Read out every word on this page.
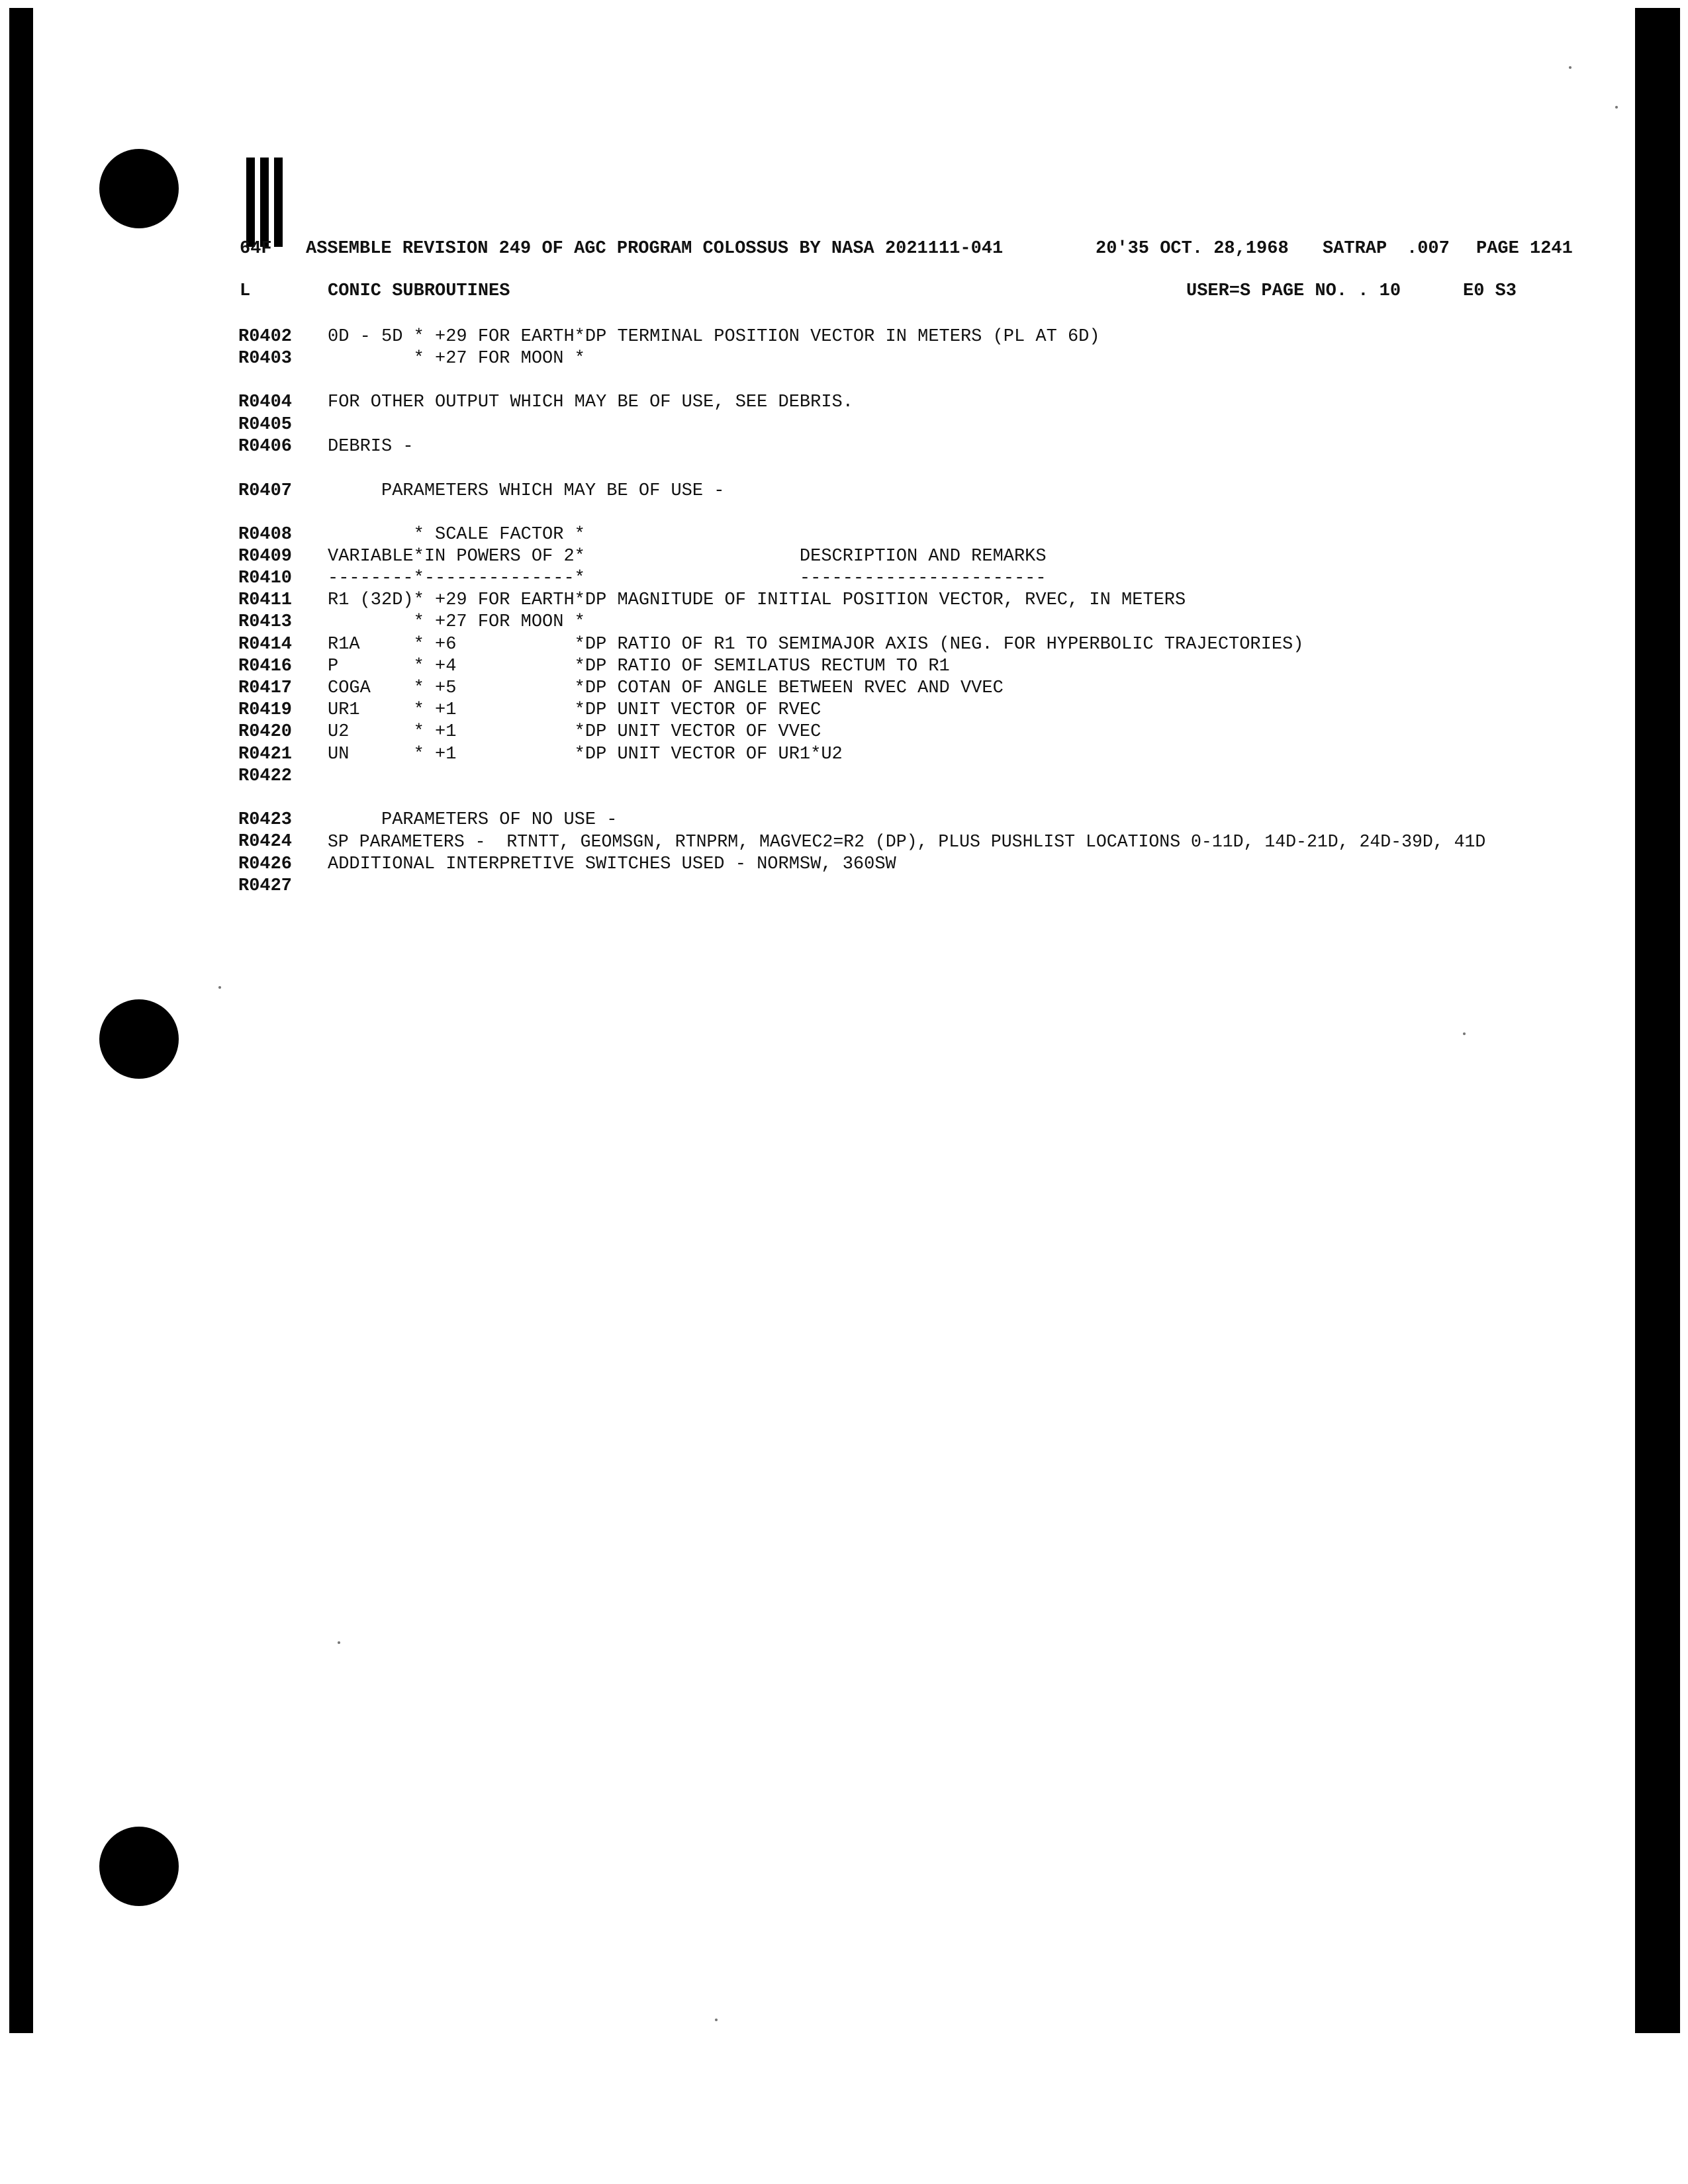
64F ASSEMBLE REVISION 249 OF AGC PROGRAM COLOSSUS BY NASA 2021111-041	20'35 OCT. 28,1968 SATRAP .007 PAGE 1241
L	CONIC SUBROUTINES	USER=S PAGE NO. . 10	E0 S3
R0402 0D - 5D * +29 FOR EARTH*DP TERMINAL POSITION VECTOR IN METERS (PL AT 6D)
R0403 * +27 FOR MOON *
R0404 FOR OTHER OUTPUT WHICH MAY BE OF USE, SEE DEBRIS.
R0405
R0406 DEBRIS -
R0407 PARAMETERS WHICH MAY BE OF USE -
R0408 * SCALE FACTOR *
R0409 VARIABLE*IN POWERS OF 2*                    DESCRIPTION AND REMARKS
R0410 --------*--------------*                    -----------------------
R0411 R1 (32D)* +29 FOR EARTH*DP MAGNITUDE OF INITIAL POSITION VECTOR, RVEC, IN METERS
R0413 * +27 FOR MOON *
R0414 R1A     * +6           *DP RATIO OF R1 TO SEMIMAJOR AXIS (NEG. FOR HYPERBOLIC TRAJECTORIES)
R0416 P       * +4           *DP RATIO OF SEMILATUS RECTUM TO R1
R0417 COGA    * +5           *DP COTAN OF ANGLE BETWEEN RVEC AND VVEC
R0419 UR1     * +1           *DP UNIT VECTOR OF RVEC
R0420 U2      * +1           *DP UNIT VECTOR OF VVEC
R0421 UN      * +1           *DP UNIT VECTOR OF UR1*U2
R0422
R0423 PARAMETERS OF NO USE -
R0424 SP PARAMETERS -  RTNTT, GEOMSGN, RTNPRM, MAGVEC2=R2 (DP), PLUS PUSHLIST LOCATIONS 0-11D, 14D-21D, 24D-39D, 41D
R0426 ADDITIONAL INTERPRETIVE SWITCHES USED - NORMSW, 360SW
R0427
